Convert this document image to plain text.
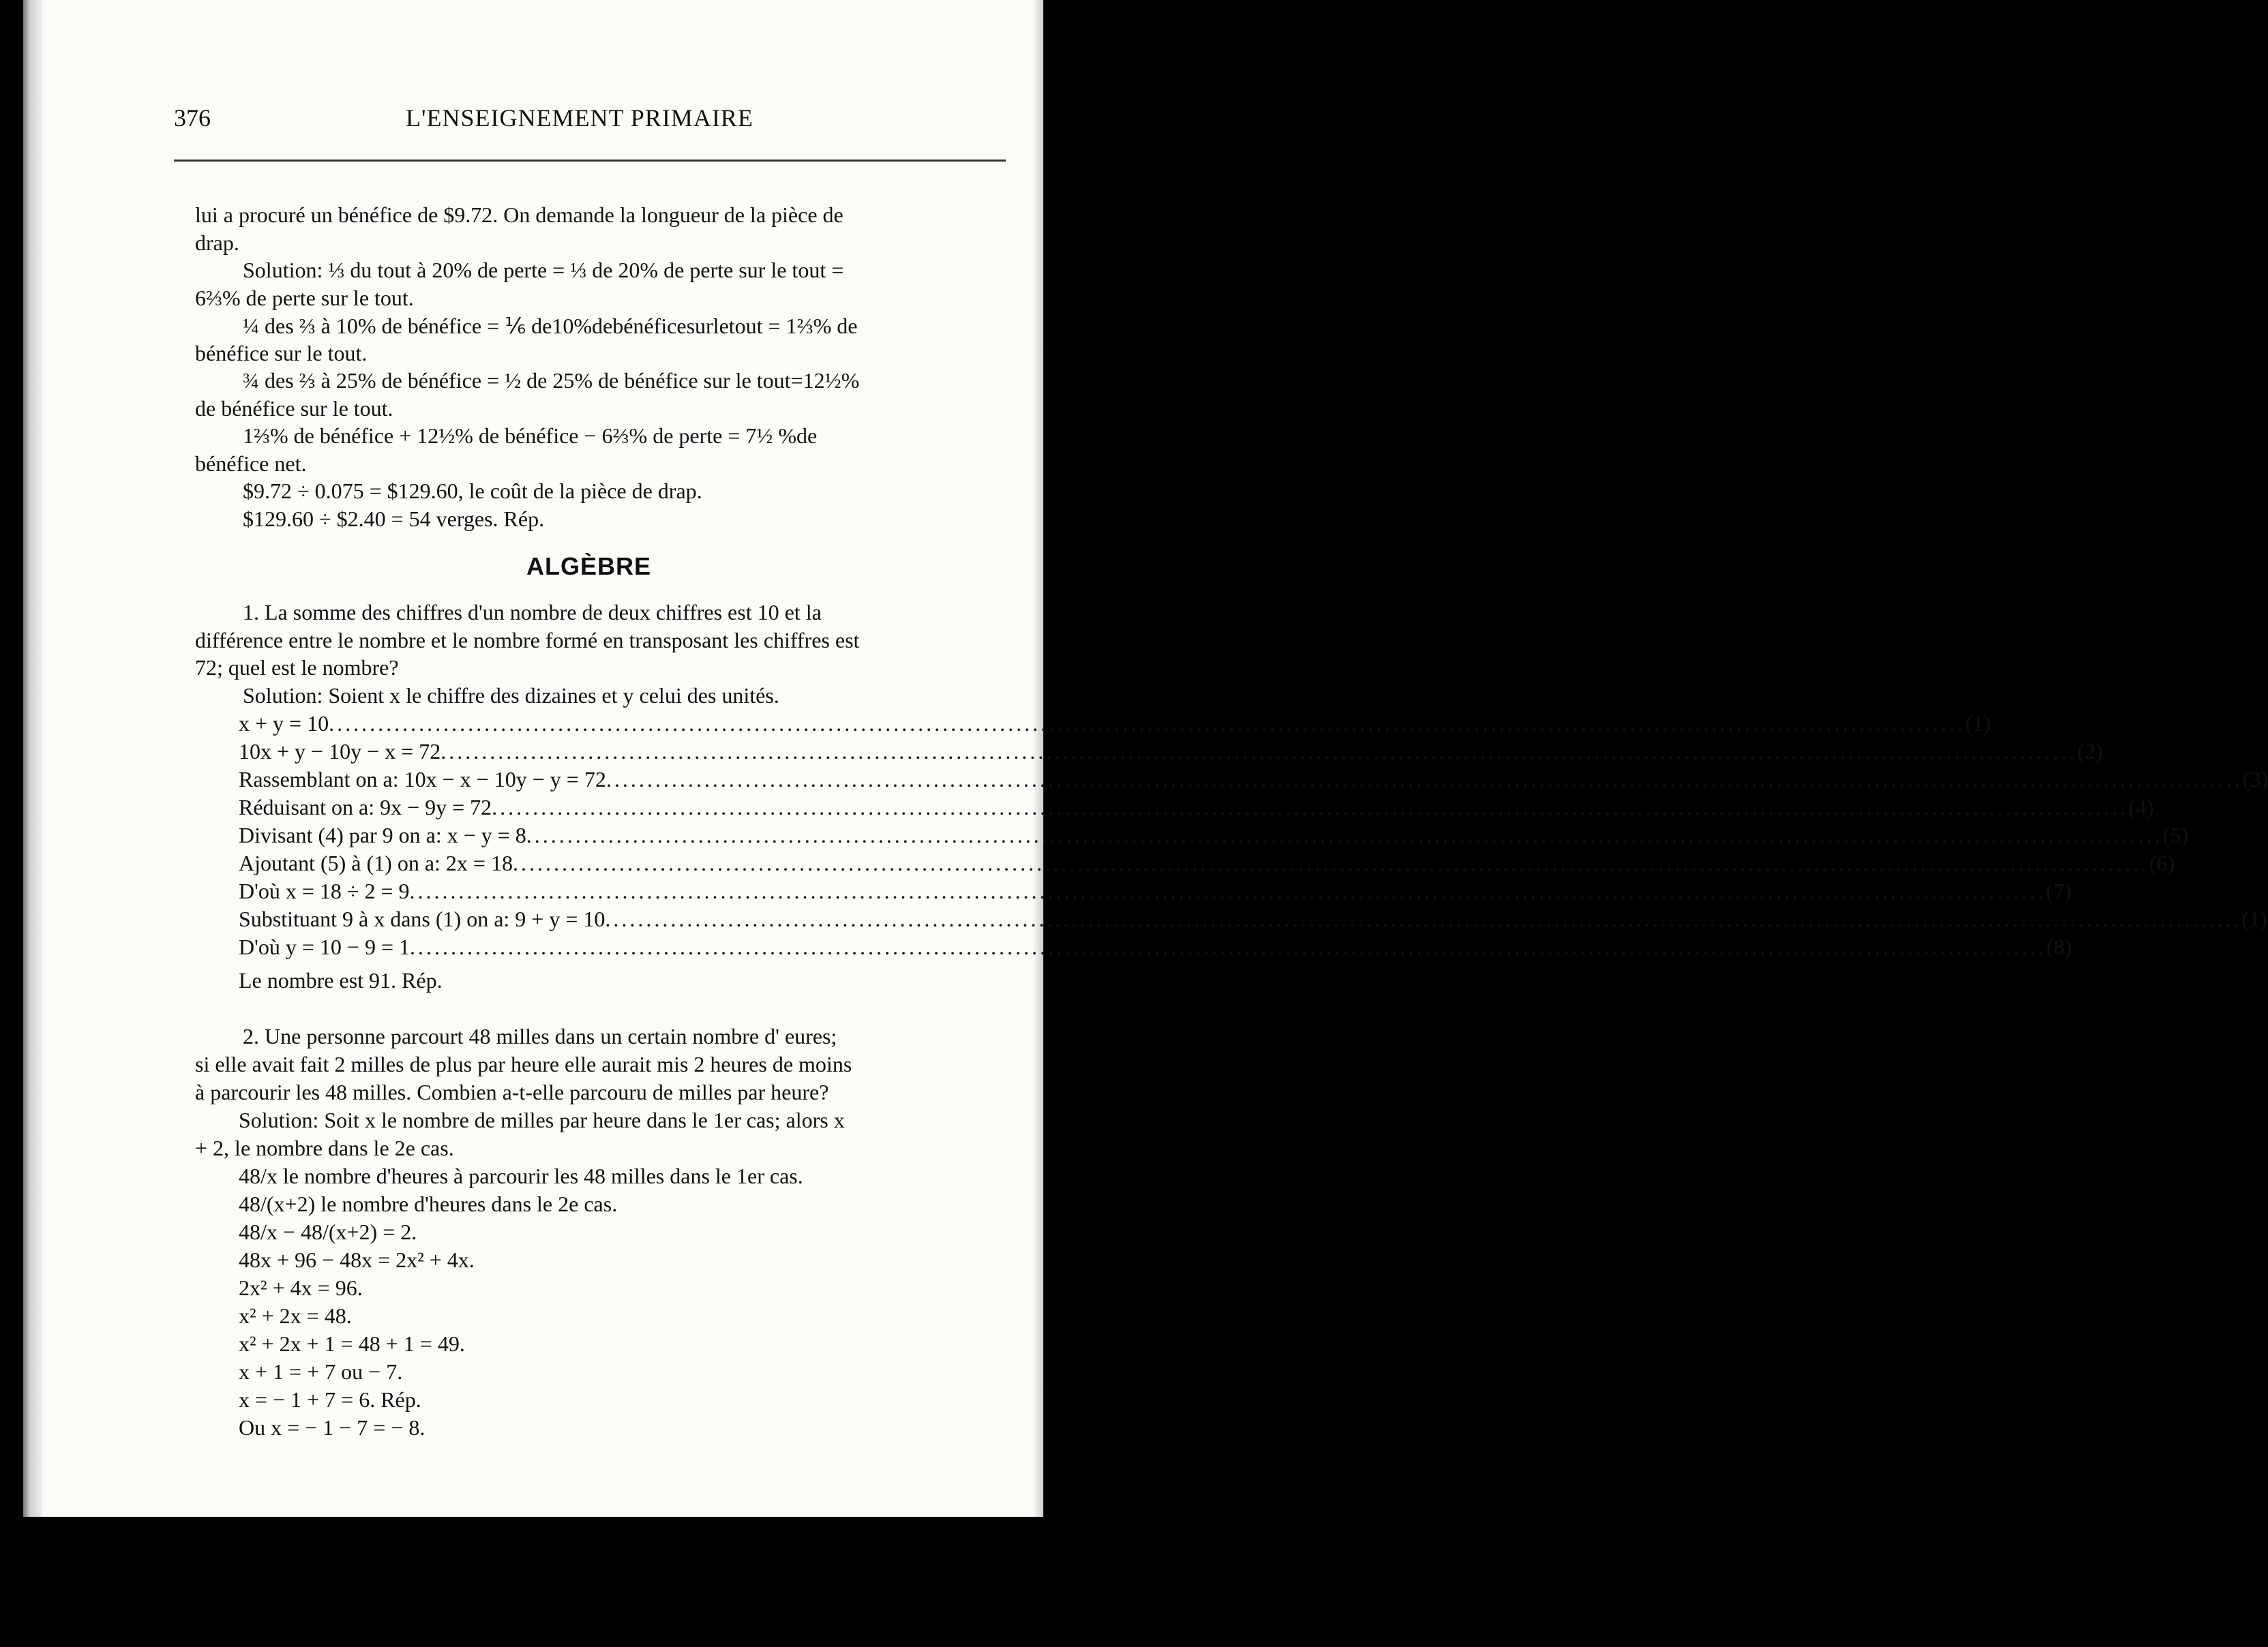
376	L'ENSEIGNEMENT PRIMAIRE
lui a procuré un bénéfice de $9.72. On demande la longueur de la pièce de
drap.
Solution: ⅓ du tout à 20% de perte = ⅓ de 20% de perte sur le tout =
6⅔% de perte sur le tout.
¼ des ⅔ à 10% de bénéfice = ⅙ de10%debénéficesurletout = 1⅔% de
bénéfice sur le tout.
¾ des ⅔ à 25% de bénéfice = ½ de 25% de bénéfice sur le tout=12½%
de bénéfice sur le tout.
1⅔% de bénéfice + 12½% de bénéfice − 6⅔% de perte = 7½ %de
bénéfice net.
$9.72 ÷ 0.075 = $129.60, le coût de la pièce de drap.
$129.60 ÷ $2.40 = 54 verges. Rép.
ALGÈBRE
1. La somme des chiffres d'un nombre de deux chiffres est 10 et la
différence entre le nombre et le nombre formé en transposant les chiffres est
72; quel est le nombre?
Solution: Soient x le chiffre des dizaines et y celui des unités.
x + y = 10 ........................................................................................................................................................................................................ (1)
10x + y − 10y − x = 72 ........................................................................................................................................................................................................ (2)
Rassemblant on a: 10x − x − 10y − y = 72 ........................................................................................................................................................................................................ (3)
Réduisant on a: 9x − 9y = 72 ........................................................................................................................................................................................................ (4)
Divisant (4) par 9 on a: x − y = 8 ........................................................................................................................................................................................................ (5)
Ajoutant (5) à (1) on a: 2x = 18 ........................................................................................................................................................................................................ (6)
D'où x = 18 ÷ 2 = 9 ........................................................................................................................................................................................................ (7)
Substituant 9 à x dans (1) on a: 9 + y = 10 ........................................................................................................................................................................................................ (1)
D'où y = 10 − 9 = 1 ........................................................................................................................................................................................................ (8)
Le nombre est 91. Rép.
2. Une personne parcourt 48 milles dans un certain nombre d' eures;
si elle avait fait 2 milles de plus par heure elle aurait mis 2 heures de moins
à parcourir les 48 milles. Combien a-t-elle parcouru de milles par heure?
Solution: Soit x le nombre de milles par heure dans le 1er cas; alors x
+ 2, le nombre dans le 2e cas.
48/x le nombre d'heures à parcourir les 48 milles dans le 1er cas.
48/(x+2) le nombre d'heures dans le 2e cas.
48/x − 48/(x+2) = 2.
48x + 96 − 48x = 2x² + 4x.
2x² + 4x = 96.
x² + 2x = 48.
x² + 2x + 1 = 48 + 1 = 49.
x + 1 = + 7 ou − 7.
x = − 1 + 7 = 6. Rép.
Ou x = − 1 − 7 = − 8.
